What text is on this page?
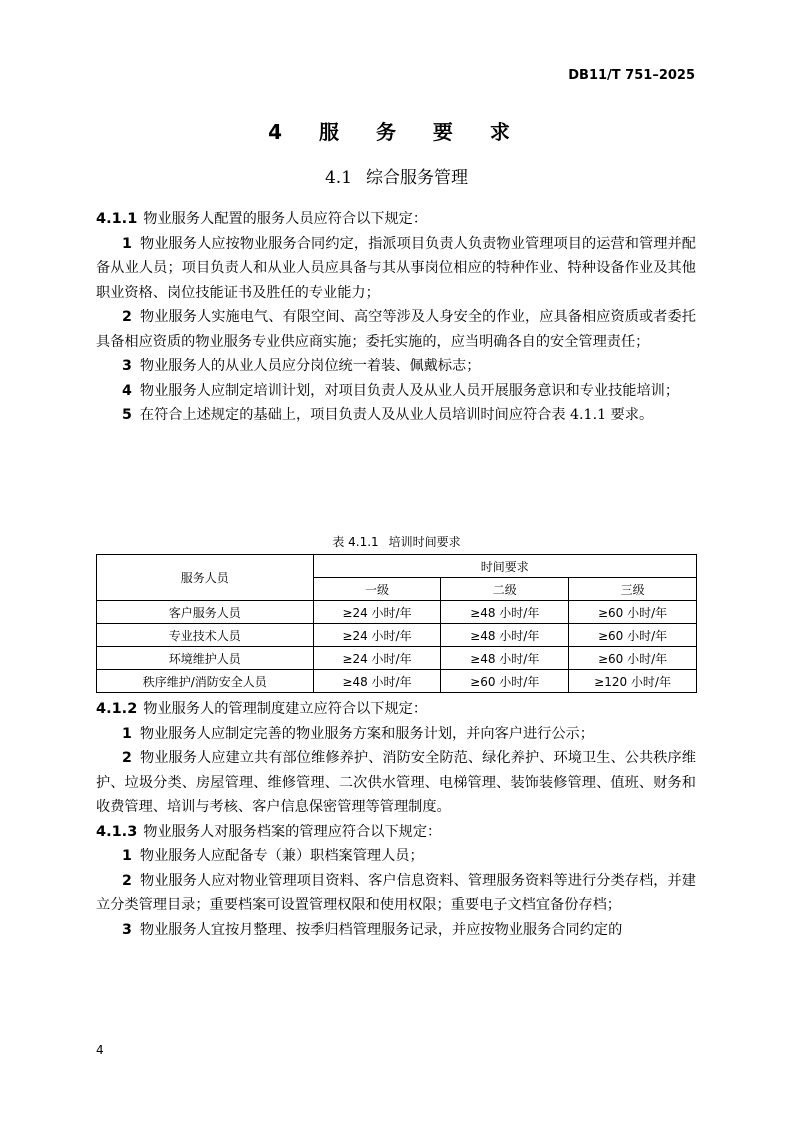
DB11/T 751–2025
4 服 务 要 求
4.1 综合服务管理

4.1.1 物业服务人配置的服务人员应符合以下规定：

1 物业服务人应按物业服务合同约定，指派项目负责人负责物业管理项目的运营和管理并配备从业人员；项目负责人和从业人员应具备与其从事岗位相应的特种作业、特种设备作业及其他职业资格、岗位技能证书及胜任的专业能力；

2 物业服务人实施电气、有限空间、高空等涉及人身安全的作业，应具备相应资质或者委托具备相应资质的物业服务专业供应商实施；委托实施的，应当明确各自的安全管理责任；

3 物业服务人的从业人员应分岗位统一着装、佩戴标志；

4 物业服务人应制定培训计划，对项目负责人及从业人员开展服务意识和专业技能培训；

5 在符合上述规定的基础上，项目负责人及从业人员培训时间应符合表 4.1.1 要求。

表 4.1.1 培训时间要求
服务人员	时间要求		
	一级	二级	三级
客户服务人员	≥24 小时/年	≥48 小时/年	≥60 小时/年
专业技术人员	≥24 小时/年	≥48 小时/年	≥60 小时/年
环境维护人员	≥24 小时/年	≥48 小时/年	≥60 小时/年
秩序维护/消防安全人员	≥48 小时/年	≥60 小时/年	≥120 小时/年

4.1.2 物业服务人的管理制度建立应符合以下规定：

1 物业服务人应制定完善的物业服务方案和服务计划，并向客户进行公示；

2 物业服务人应建立共有部位维修养护、消防安全防范、绿化养护、环境卫生、公共秩序维护、垃圾分类、房屋管理、维修管理、二次供水管理、电梯管理、装饰装修管理、值班、财务和收费管理、培训与考核、客户信息保密管理等管理制度。

4.1.3 物业服务人对服务档案的管理应符合以下规定：

1 物业服务人应配备专（兼）职档案管理人员；

2 物业服务人应对物业管理项目资料、客户信息资料、管理服务资料等进行分类存档，并建立分类管理目录；重要档案可设置管理权限和使用权限；重要电子文档宜备份存档；

3 物业服务人宜按月整理、按季归档管理服务记录，并应按物业服务合同约定的

4
